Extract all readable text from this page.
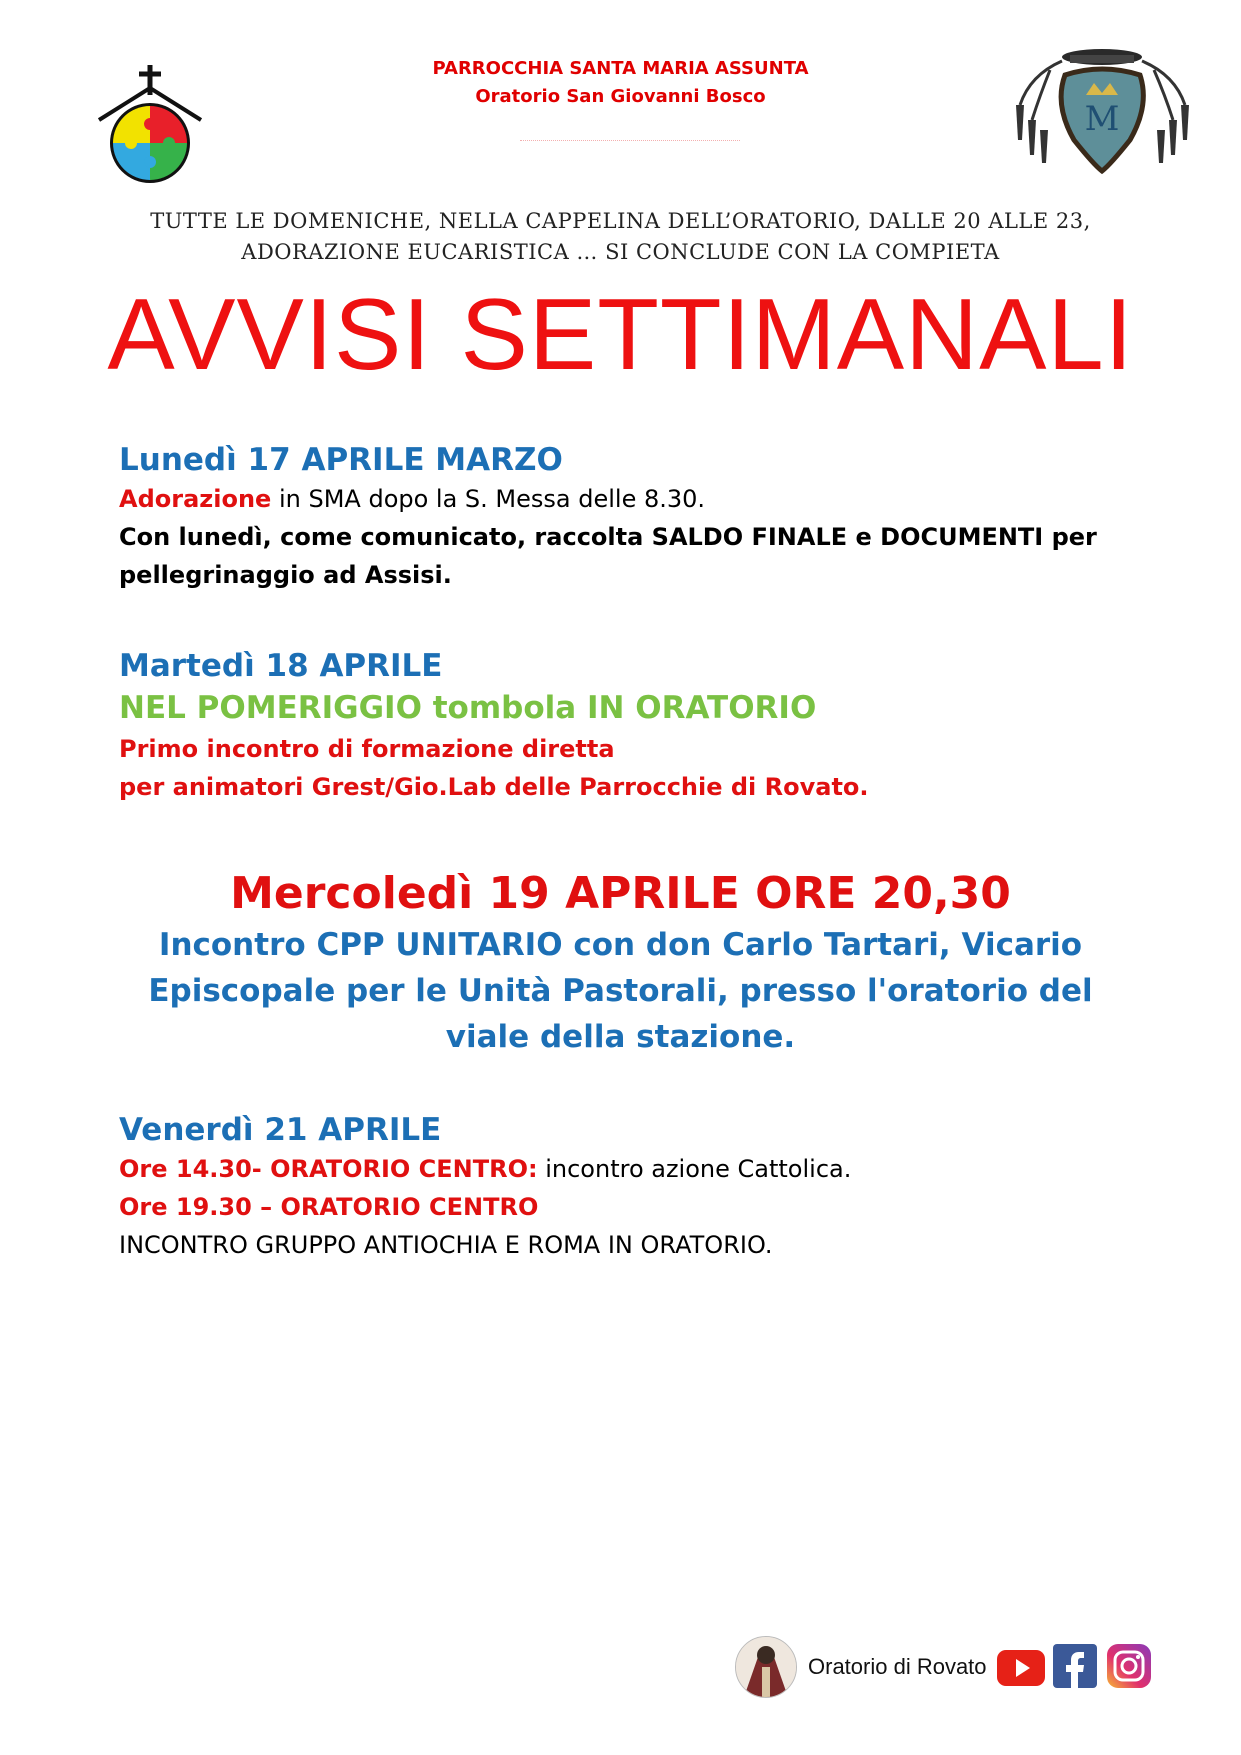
PARROCCHIA SANTA MARIA ASSUNTA
Oratorio San Giovanni Bosco
M
TUTTE LE DOMENICHE, NELLA CAPPELINA DELL’ORATORIO, DALLE 20 ALLE 23,
ADORAZIONE EUCARISTICA … SI CONCLUDE CON LA COMPIETA
AVVISI SETTIMANALI
Lunedì 17 APRILE MARZO
Adorazione in SMA dopo la S. Messa delle 8.30.
Con lunedì, come comunicato, raccolta SALDO FINALE e DOCUMENTI per
pellegrinaggio ad Assisi.
Martedì 18 APRILE
NEL POMERIGGIO tombola IN ORATORIO
Primo incontro di formazione diretta
per animatori Grest/Gio.Lab delle Parrocchie di Rovato.
Mercoledì 19 APRILE ORE 20,30
Incontro CPP UNITARIO con don Carlo Tartari, Vicario
Episcopale per le Unità Pastorali, presso l'oratorio del
viale della stazione.
Venerdì 21 APRILE
Ore 14.30- ORATORIO CENTRO: incontro azione Cattolica.
Ore 19.30 – ORATORIO CENTRO
INCONTRO GRUPPO ANTIOCHIA E ROMA IN ORATORIO.
Oratorio di Rovato
